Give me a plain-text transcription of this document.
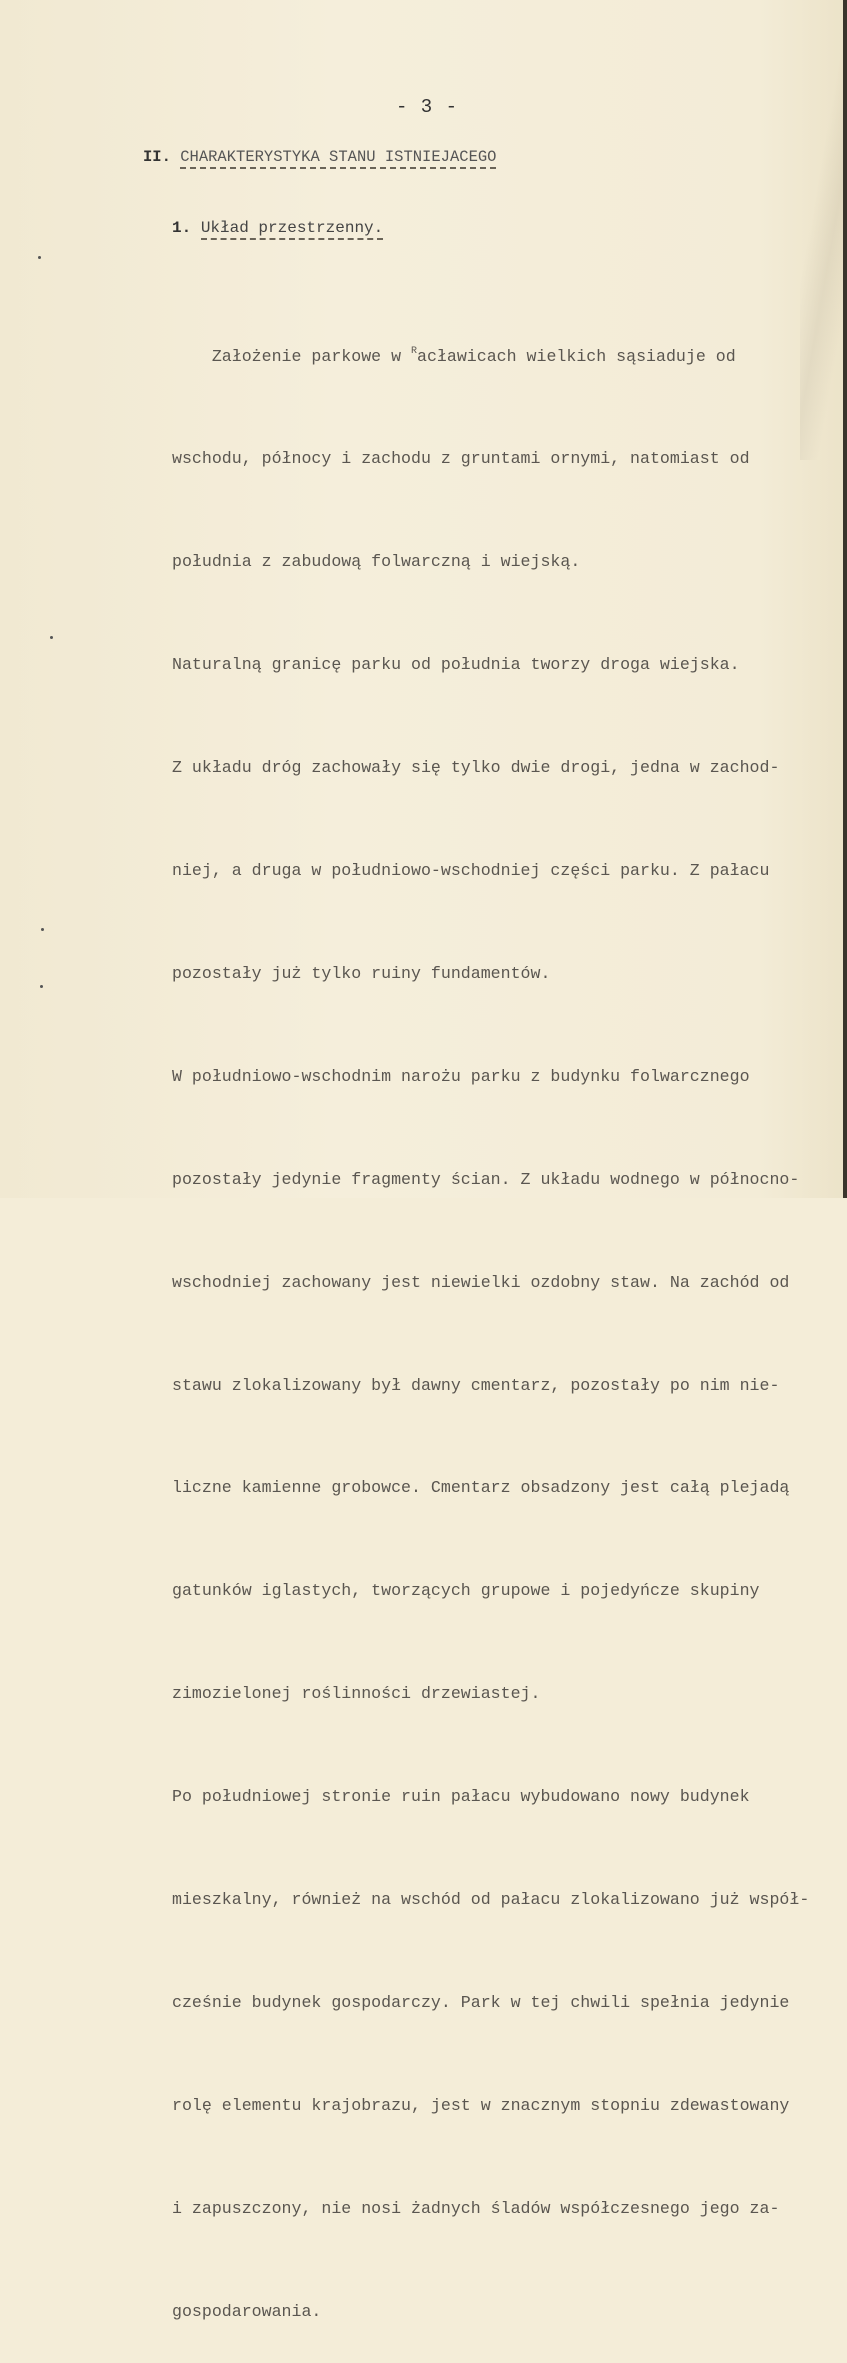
- 3 -
II. CHARAKTERYSTYKA STANU ISTNIEJACEGO
1. Układ przestrzenny.

Założenie parkowe w $^R$acławicach wielkich sąsiaduje od

wschodu, północy i zachodu z gruntami ornymi, natomiast od

południa z zabudową folwarczną i wiejską.

Naturalną granicę parku od południa tworzy droga wiejska.

Z układu dróg zachowały się tylko dwie drogi, jedna w zachod-

niej, a druga w południowo-wschodniej części parku. Z pałacu

pozostały już tylko ruiny fundamentów.

W południowo-wschodnim narożu parku z budynku folwarcznego

pozostały jedynie fragmenty ścian. Z układu wodnego w północno-

wschodniej zachowany jest niewielki ozdobny staw. Na zachód od

stawu zlokalizowany był dawny cmentarz, pozostały po nim nie-

liczne kamienne grobowce. Cmentarz obsadzony jest całą plejadą

gatunków iglastych, tworzących grupowe i pojedyńcze skupiny

zimozielonej roślinności drzewiastej.

Po południowej stronie ruin pałacu wybudowano nowy budynek

mieszkalny, również na wschód od pałacu zlokalizowano już współ-

cześnie budynek gospodarczy. Park w tej chwili spełnia jedynie

rolę elementu krajobrazu, jest w znacznym stopniu zdewastowany

i zapuszczony, nie nosi żadnych śladów współczesnego jego za-

gospodarowania.
